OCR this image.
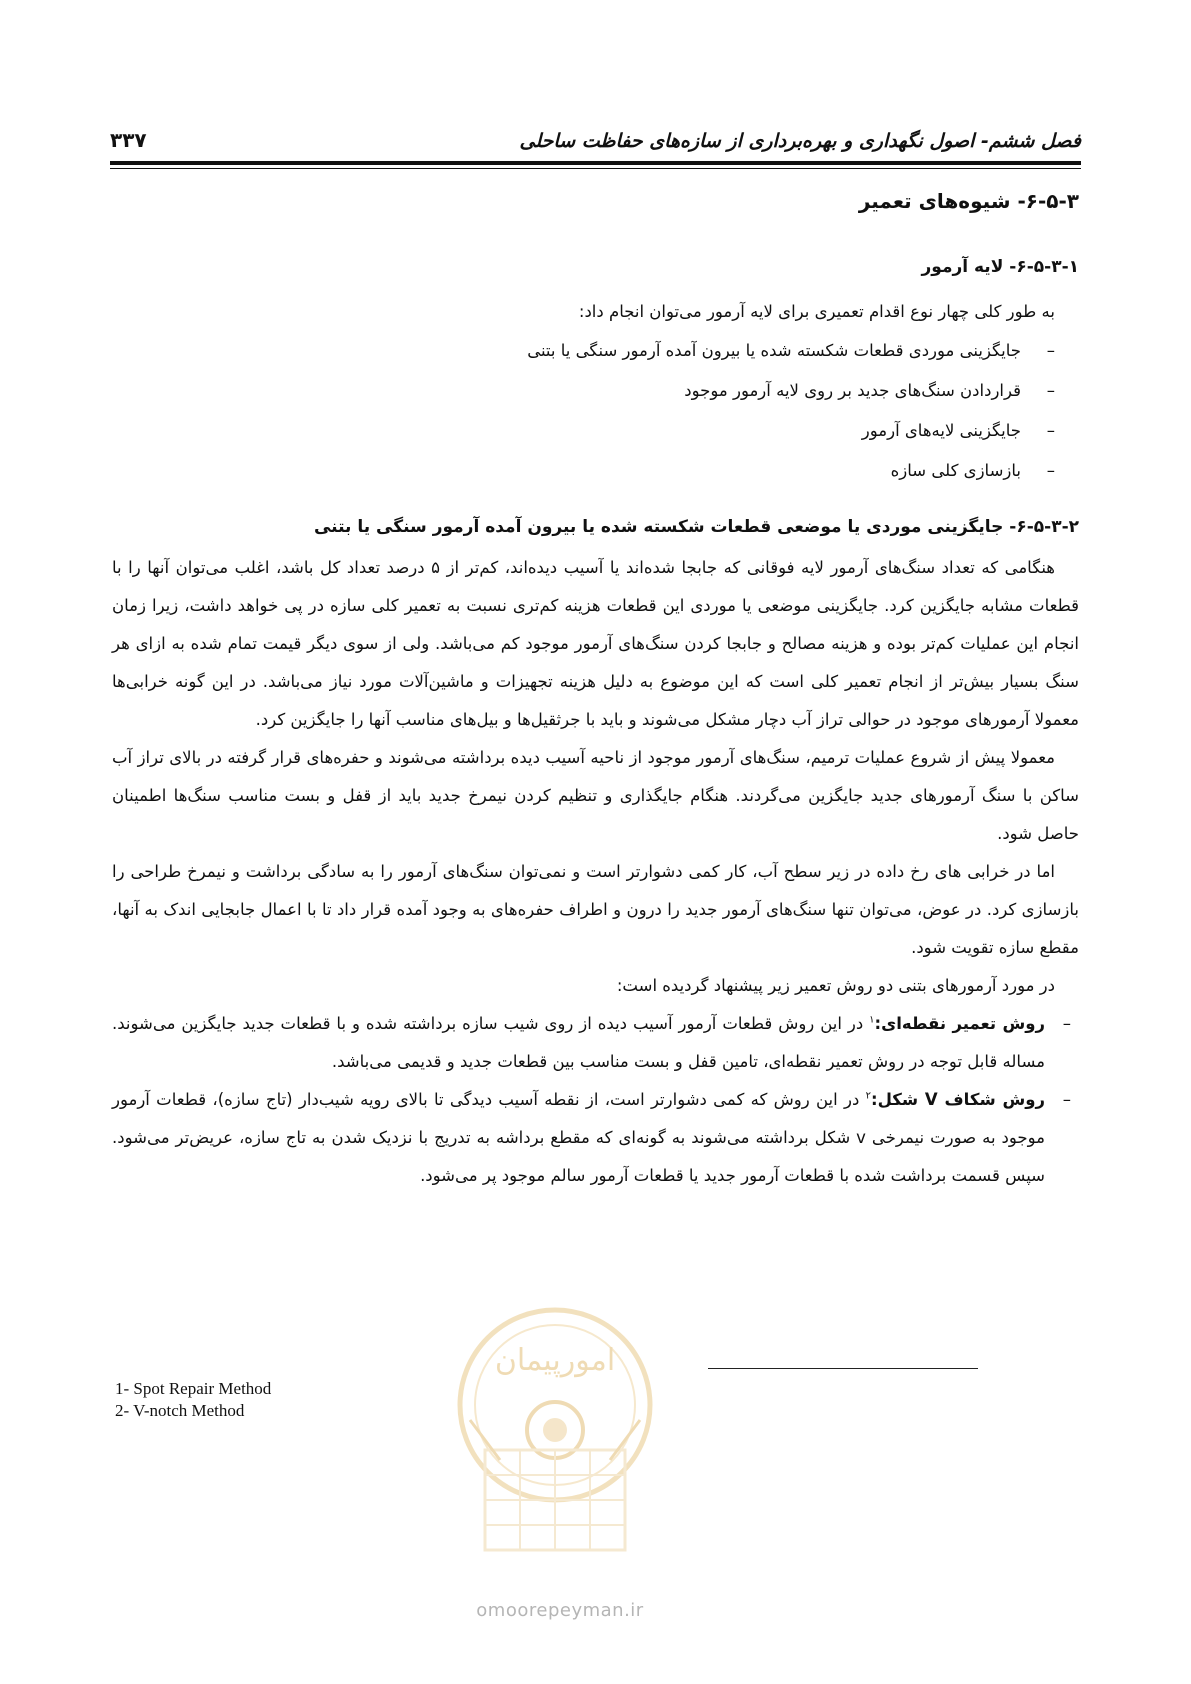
فصل ششم- اصول نگهداری و بهره‌برداری از سازه‌های حفاظت ساحلی
۳۳۷
۶-۵-۳- شیوه‌های تعمیر
۶-۵-۳-۱- لایه آرمور

به طور کلی چهار نوع اقدام تعمیری برای لایه آرمور می‌توان انجام داد:

–
جایگزینی موردی قطعات شکسته شده یا بیرون آمده آرمور سنگی یا بتنی
–
قراردادن سنگ‌های جدید بر روی لایه آرمور موجود
–
جایگزینی لایه‌های آرمور
–
بازسازی کلی سازه
۶-۵-۳-۲- جایگزینی موردی یا موضعی قطعات شکسته شده یا بیرون آمده آرمور سنگی یا بتنی

هنگامی که تعداد سنگ‌های آرمور لایه فوقانی که جابجا شده‌اند یا آسیب دیده‌اند، کم‌تر از ۵ درصد تعداد کل باشد، اغلب می‌توان آنها را با قطعات مشابه جایگزین کرد. جایگزینی موضعی یا موردی این قطعات هزینه کم‌تری نسبت به تعمیر کلی سازه در پی خواهد داشت، زیرا زمان انجام این عملیات کم‌تر بوده و هزینه مصالح و جابجا کردن سنگ‌های آرمور موجود کم می‌باشد. ولی از سوی دیگر قیمت تمام شده به ازای هر سنگ بسیار بیش‌تر از انجام تعمیر کلی است که این موضوع به دلیل هزینه تجهیزات و ماشین‌آلات مورد نیاز می‌باشد. در این گونه خرابی‌ها معمولا آرمورهای موجود در حوالی تراز آب دچار مشکل می‌شوند و باید با جرثقیل‌ها و بیل‌های مناسب آنها را جایگزین کرد.

معمولا پیش از شروع عملیات ترمیم، سنگ‌های آرمور موجود از ناحیه آسیب دیده برداشته می‌شوند و حفره‌های قرار گرفته در بالای تراز آب ساکن با سنگ آرمورهای جدید جایگزین می‌گردند. هنگام جایگذاری و تنظیم کردن نیمرخ جدید باید از قفل و بست مناسب سنگ‌ها اطمینان حاصل شود.

اما در خرابی های رخ داده در زیر سطح آب، کار کمی دشوارتر است و نمی‌توان سنگ‌های آرمور را به سادگی برداشت و نیمرخ طراحی را بازسازی کرد. در عوض، می‌توان تنها سنگ‌های آرمور جدید را درون و اطراف حفره‌های به وجود آمده قرار داد تا با اعمال جابجایی اندک به آنها، مقطع سازه تقویت شود.

در مورد آرمورهای بتنی دو روش تعمیر زیر پیشنهاد گردیده است:

–
روش تعمیر نقطه‌ای:$^۱$ در این روش قطعات آرمور آسیب دیده از روی شیب سازه برداشته شده و با قطعات جدید جایگزین می‌شوند. مساله قابل توجه در روش تعمیر نقطه‌ای، تامین قفل و بست مناسب بین قطعات جدید و قدیمی می‌باشد.
–
روش شکاف V شکل:$^۲$ در این روش که کمی دشوارتر است، از نقطه آسیب دیدگی تا بالای رویه شیب‌دار (تاج سازه)، قطعات آرمور موجود به صورت نیمرخی v شکل برداشته می‌شوند به گونه‌ای که مقطع برداشه به تدریج با نزدیک شدن به تاج سازه، عریض‌تر می‌شود. سپس قسمت برداشت شده با قطعات آرمور جدید یا قطعات آرمور سالم موجود پر می‌شود.
1- Spot Repair Method
2- V-notch Method
امورپیمان
omoorepeyman.ir
